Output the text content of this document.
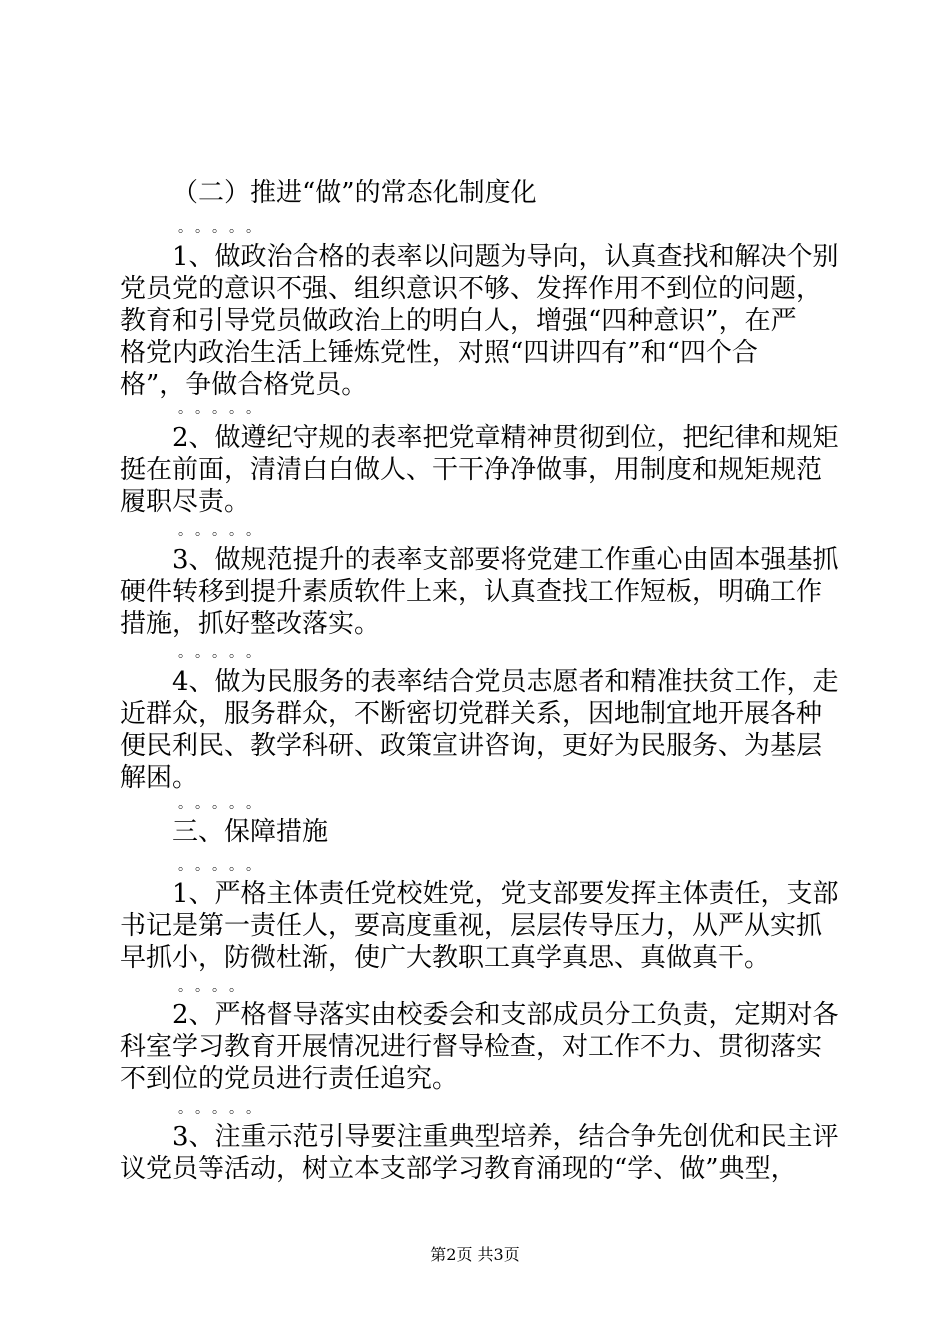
（二）推进“做”的常态化制度化
。。。。。
1、做政治合格的表率以问题为导向，认真查找和解决个别
党员党的意识不强、组织意识不够、发挥作用不到位的问题，
教育和引导党员做政治上的明白人，增强“四种意识”，在严
格党内政治生活上锤炼党性，对照“四讲四有”和“四个合
格”，争做合格党员。
。。。。。
2、做遵纪守规的表率把党章精神贯彻到位，把纪律和规矩
挺在前面，清清白白做人、干干净净做事，用制度和规矩规范
履职尽责。
。。。。。
3、做规范提升的表率支部要将党建工作重心由固本强基抓
硬件转移到提升素质软件上来，认真查找工作短板，明确工作
措施，抓好整改落实。
。。。。。
4、做为民服务的表率结合党员志愿者和精准扶贫工作，走
近群众，服务群众，不断密切党群关系，因地制宜地开展各种
便民利民、教学科研、政策宣讲咨询，更好为民服务、为基层
解困。
。。。。。
三、保障措施
。。。。。
1、严格主体责任党校姓党，党支部要发挥主体责任，支部
书记是第一责任人，要高度重视，层层传导压力，从严从实抓
早抓小，防微杜渐，使广大教职工真学真思、真做真干。
。。。。
2、严格督导落实由校委会和支部成员分工负责，定期对各
科室学习教育开展情况进行督导检查，对工作不力、贯彻落实
不到位的党员进行责任追究。
。。。。。
3、注重示范引导要注重典型培养，结合争先创优和民主评
议党员等活动，树立本支部学习教育涌现的“学、做”典型，
第2页 共3页
